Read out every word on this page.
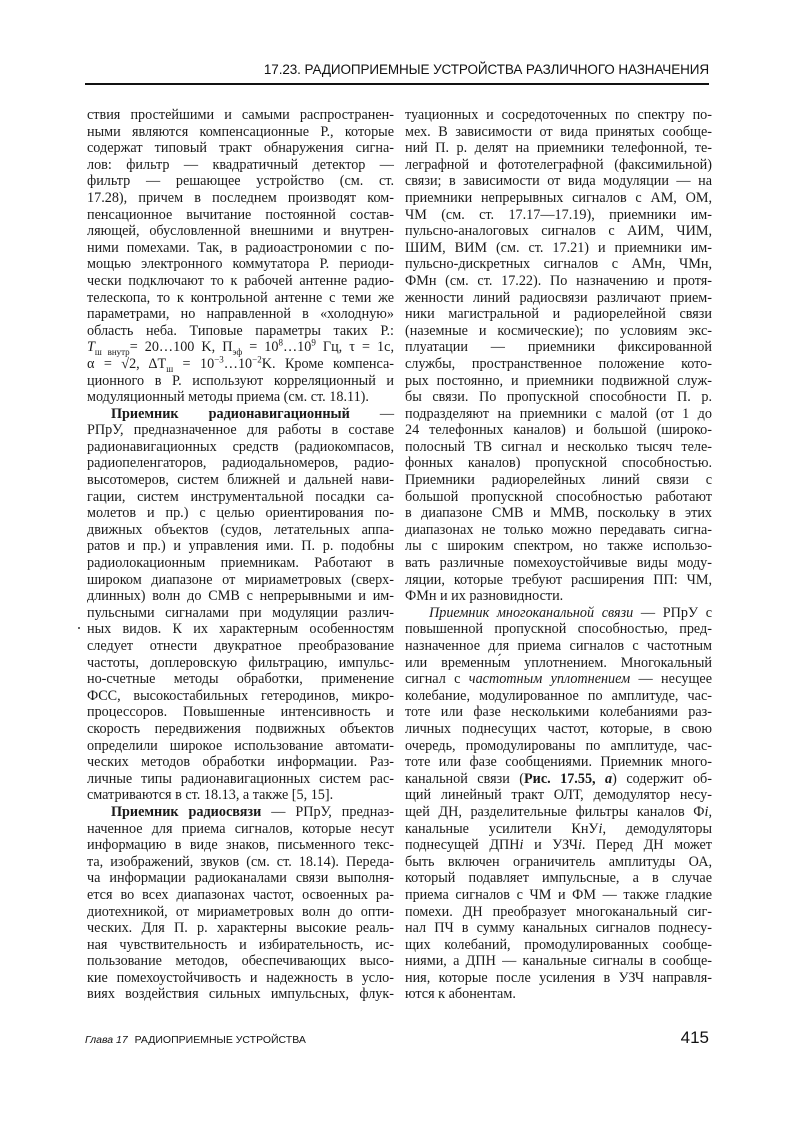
17.23. РАДИОПРИЕМНЫЕ УСТРОЙСТВА РАЗЛИЧНОГО НАЗНАЧЕНИЯ

ствия простейшими и самыми распространен-
ными являются компенсационные Р., которые
содержат типовый тракт обнаружения сигна-
лов: фильтр — квадратичный детектор —
фильтр — решающее устройство (см. ст.
17.28), причем в последнем производят ком-
пенсационное вычитание постоянной состав-
ляющей, обусловленной внешними и внутрен-
ними помехами. Так, в радиоастрономии с по-
мощью электронного коммутатора Р. периоди-
чески подключают то к рабочей антенне радио-
телескопа, то к контрольной антенне с теми же
параметрами, но направленной в «холодную»
область неба. Типовые параметры таких Р.:
$T_{ш внутр}=$ 20…100 K, $П_{эф}$ = $10^8\dots 10^9$ Гц, τ = 1с,
α = √2, $\Delta T_ш$ = $10^{-3}\dots 10^{-2}K$. Кроме компенса-
ционного в Р. используют корреляционный и
модуляционный методы приема (см. ст. 18.11).

Приемник радионавигационный —
РПрУ, предназначенное для работы в составе
радионавигационных средств (радиокомпасов,
радиопеленгаторов, радиодальномеров, радио-
высотомеров, систем ближней и дальней нави-
гации, систем инструментальной посадки са-
молетов и пр.) с целью ориентирования по-
движных объектов (судов, летательных аппа-
ратов и пр.) и управления ими. П. р. подобны
радиолокационным приемникам. Работают в
широком диапазоне от мириаметровых (сверх-
длинных) волн до СМВ с непрерывными и им-
пульсными сигналами при модуляции различ-
ных видов. К их характерным особенностям
следует отнести двукратное преобразование
частоты, доплеровскую фильтрацию, импульс-
но-счетные методы обработки, применение
ФСС, высокостабильных гетеродинов, микро-
процессоров. Повышенные интенсивность и
скорость передвижения подвижных объектов
определили широкое использование автомати-
ческих методов обработки информации. Раз-
личные типы радионавигационных систем рас-
сматриваются в ст. 18.13, а также [5, 15].

Приемник радиосвязи — РПрУ, предназ-
наченное для приема сигналов, которые несут
информацию в виде знаков, письменного текс-
та, изображений, звуков (см. ст. 18.14). Переда-
ча информации радиоканалами связи выполня-
ется во всех диапазонах частот, освоенных ра-
диотехникой, от мириаметровых волн до опти-
ческих. Для П. р. характерны высокие реаль-
ная чувствительность и избирательность, ис-
пользование методов, обеспечивающих высо-
кие помехоустойчивость и надежность в усло-
виях воздействия сильных импульсных, флук-

туационных и сосредоточенных по спектру по-
мех. В зависимости от вида принятых сообще-
ний П. р. делят на приемники телефонной, те-
леграфной и фототелеграфной (факсимильной)
связи; в зависимости от вида модуляции — на
приемники непрерывных сигналов с АМ, ОМ,
ЧМ (см. ст. 17.17—17.19), приемники им-
пульсно-аналоговых сигналов с АИМ, ЧИМ,
ШИМ, ВИМ (см. ст. 17.21) и приемники им-
пульсно-дискретных сигналов с АМн, ЧМн,
ФМн (см. ст. 17.22). По назначению и протя-
женности линий радиосвязи различают прием-
ники магистральной и радиорелейной связи
(наземные и космические); по условиям экс-
плуатации — приемники фиксированной
службы, пространственное положение кото-
рых постоянно, и приемники подвижной служ-
бы связи. По пропускной способности П. р.
подразделяют на приемники с малой (от 1 до
24 телефонных каналов) и большой (широко-
полосный ТВ сигнал и несколько тысяч теле-
фонных каналов) пропускной способностью.
Приемники радиорелейных линий связи с
большой пропускной способностью работают
в диапазоне СМВ и ММВ, поскольку в этих
диапазонах не только можно передавать сигна-
лы с широким спектром, но также использо-
вать различные помехоустойчивые виды моду-
ляции, которые требуют расширения ПП: ЧМ,
ФМн и их разновидности.

Приемник многоканальной связи — РПрУ с
повышенной пропускной способностью, пред-
назначенное для приема сигналов с частотным
или временны́м уплотнением. Многокальный
сигнал с частотным уплотнением — несущее
колебание, модулированное по амплитуде, час-
тоте или фазе несколькими колебаниями раз-
личных поднесущих частот, которые, в свою
очередь, промодулированы по амплитуде, час-
тоте или фазе сообщениями. Приемник много-
канальной связи (Рис. 17.55, а) содержит об-
щий линейный тракт ОЛТ, демодулятор несу-
щей ДН, разделительные фильтры каналов Фi,
канальные усилители КнУi, демодуляторы
поднесущей ДПНi и УЗЧi. Перед ДН может
быть включен ограничитель амплитуды ОА,
который подавляет импульсные, а в случае
приема сигналов с ЧМ и ФМ — также гладкие
помехи. ДН преобразует многоканальный сиг-
нал ПЧ в сумму канальных сигналов поднесу-
щих колебаний, промодулированных сообще-
ниями, а ДПН — канальные сигналы в сообще-
ния, которые после усиления в УЗЧ направля-
ются к абонентам.

Глава 17 РАДИОПРИЕМНЫЕ УСТРОЙСТВА	415
